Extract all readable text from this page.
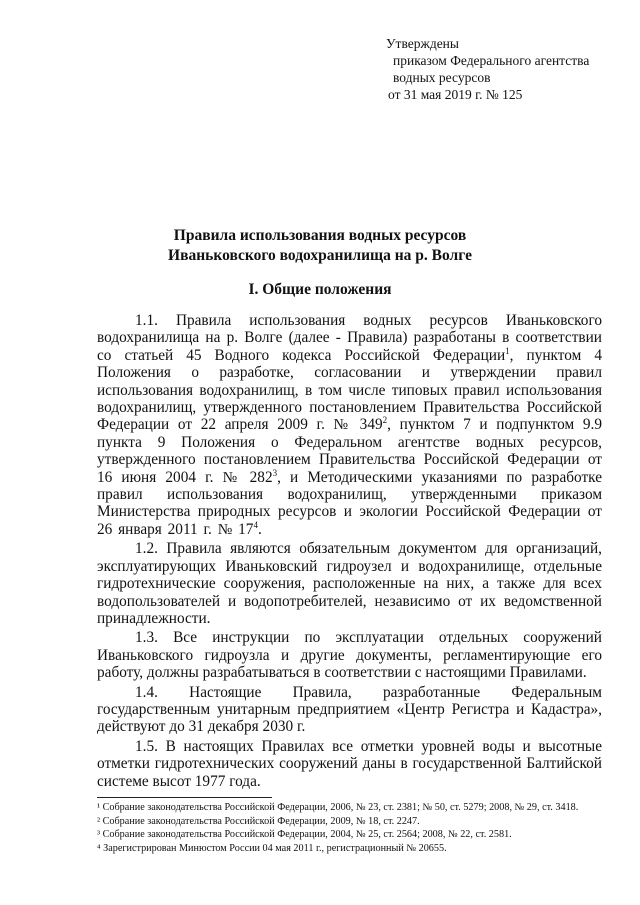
Утверждены
приказом Федерального агентства
водных ресурсов
от 31 мая 2019 г. № 125
Правила использования водных ресурсов
Иваньковского водохранилища на р. Волге
I. Общие положения

1.1. Правила использования водных ресурсов Иваньковского водохранилища на р. Волге (далее - Правила) разработаны в соответствии со статьей 45 Водного кодекса Российской Федерации$^1$, пунктом 4 Положения о разработке, согласовании и утверждении правил использования водохранилищ, в том числе типовых правил использования водохранилищ, утвержденного постановлением Правительства Российской Федерации от 22 апреля 2009 г. № $349^2$, пунктом 7 и подпунктом 9.9 пункта 9 Положения о Федеральном агентстве водных ресурсов, утвержденного постановлением Правительства Российской Федерации от 16 июня 2004 г. № $282^3$, и Методическими указаниями по разработке правил использования водохранилищ, утвержденными приказом Министерства природных ресурсов и экологии Российской Федерации от 26 января 2011 г. № $17^4$.

1.2. Правила являются обязательным документом для организаций, эксплуатирующих Иваньковский гидроузел и водохранилище, отдельные гидротехнические сооружения, расположенные на них, а также для всех водопользователей и водопотребителей, независимо от их ведомственной принадлежности.

1.3. Все инструкции по эксплуатации отдельных сооружений Иваньковского гидроузла и другие документы, регламентирующие его работу, должны разрабатываться в соответствии с настоящими Правилами.

1.4. Настоящие Правила, разработанные Федеральным государственным унитарным предприятием «Центр Регистра и Кадастра», действуют до 31 декабря 2030 г.

1.5. В настоящих Правилах все отметки уровней воды и высотные отметки гидротехнических сооружений даны в государственной Балтийской системе высот 1977 года.

¹ Собрание законодательства Российской Федерации, 2006, № 23, ст. 2381; № 50, ст. 5279; 2008, № 29, ст. 3418.
² Собрание законодательства Российской Федерации, 2009, № 18, ст. 2247.
³ Собрание законодательства Российской Федерации, 2004, № 25, ст. 2564; 2008, № 22, ст. 2581.
⁴ Зарегистрирован Минюстом России 04 мая 2011 г., регистрационный № 20655.
